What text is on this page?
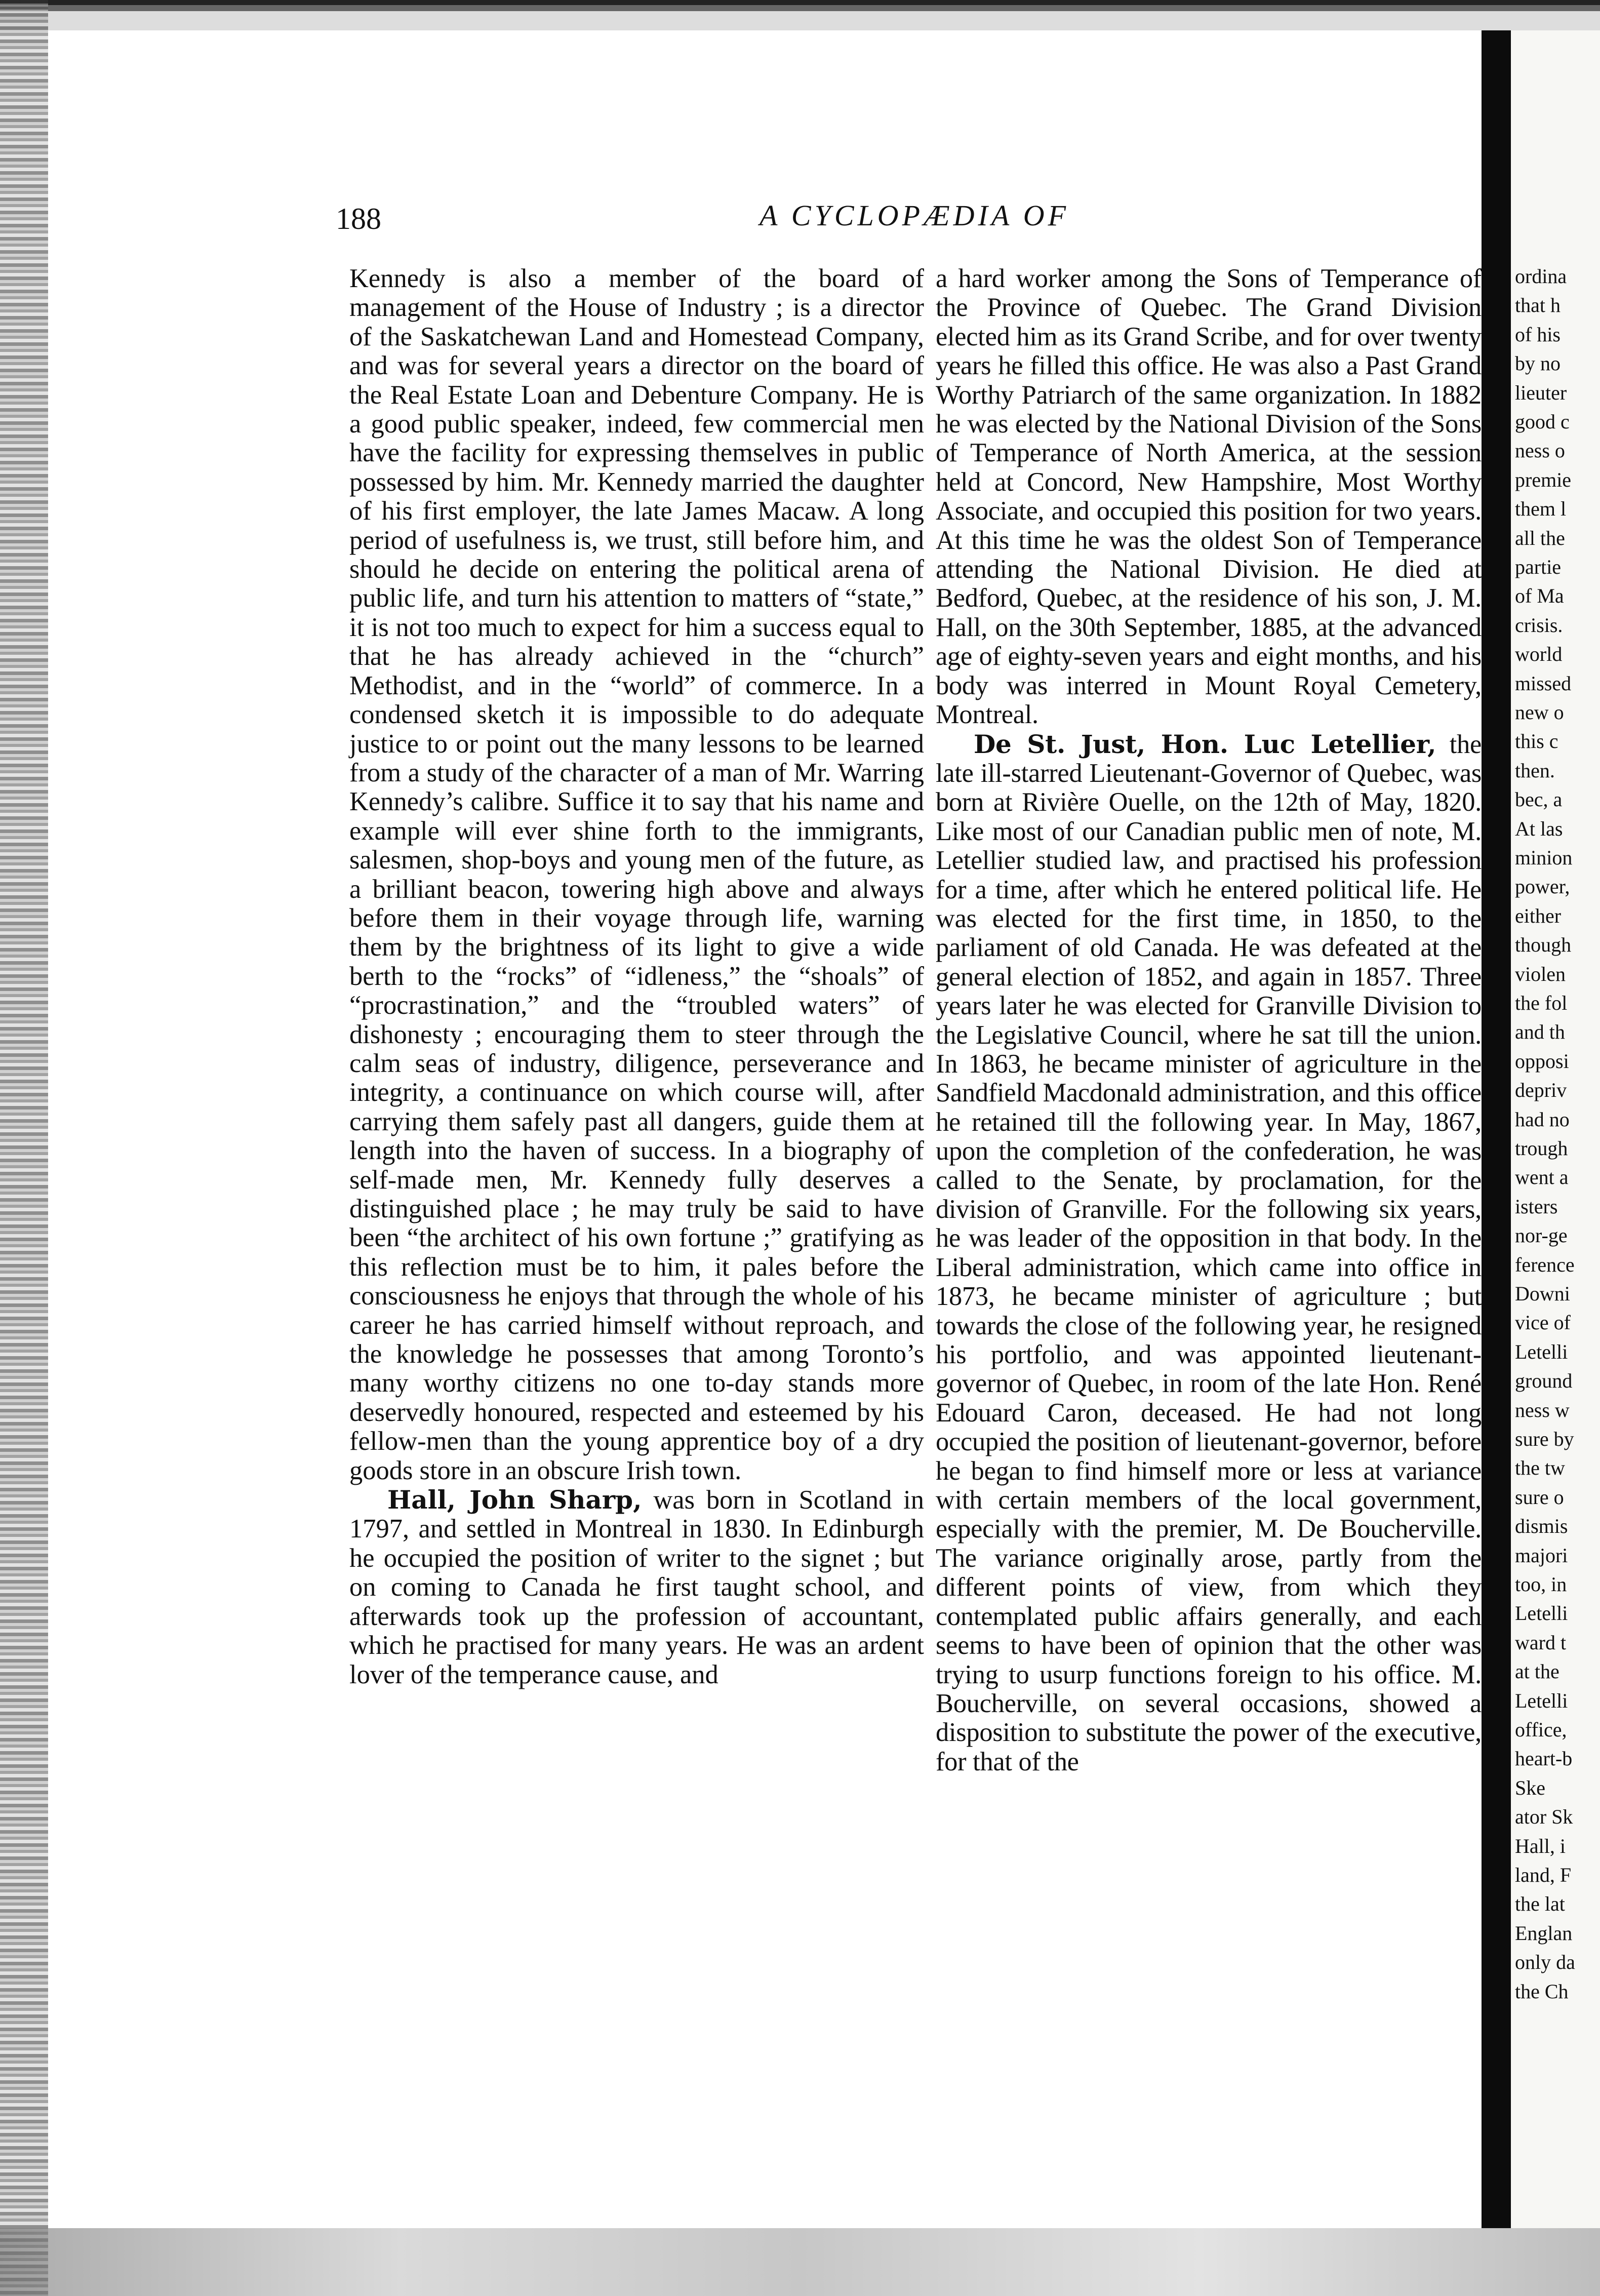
ordina
that h
of his
by no
lieuter
good c
ness o
premie
them l
all the
partie
of Ma
crisis.
world
missed
new o
this c
then.
bec, a
At las
minion
power,
either
though
violen
the fol
and th
opposi
depriv
had no
trough
went a
isters
nor-ge
ference
Downi
vice of
Letelli
ground
ness w
sure by
the tw
sure o
dismis
majori
too, in
Letelli
ward t
at the
Letelli
office,
heart-b
Ske
ator Sk
Hall, i
land, F
the lat
Englan
only da
the Ch
188	A CYCLOPÆDIA OF

Kennedy is also a member of the board of management of the House of Industry ; is a director of the Saskatchewan Land and Homestead Company, and was for several years a director on the board of the Real Estate Loan and Debenture Company. He is a good public speaker, indeed, few commercial men have the facility for expressing themselves in public possessed by him. Mr. Kennedy married the daughter of his first employer, the late James Macaw. A long period of usefulness is, we trust, still before him, and should he decide on entering the political arena of public life, and turn his attention to matters of “state,” it is not too much to expect for him a success equal to that he has already achieved in the “church” Methodist, and in the “world” of commerce. In a condensed sketch it is impossible to do adequate justice to or point out the many lessons to be learned from a study of the character of a man of Mr. Warring Kennedy’s calibre. Suffice it to say that his name and example will ever shine forth to the immigrants, salesmen, shop-boys and young men of the future, as a brilliant beacon, towering high above and always before them in their voyage through life, warning them by the brightness of its light to give a wide berth to the “rocks” of “idleness,” the “shoals” of “procrastination,” and the “troubled waters” of dishonesty ; encouraging them to steer through the calm seas of industry, diligence, perseverance and integrity, a continuance on which course will, after carrying them safely past all dangers, guide them at length into the haven of success. In a biography of self-made men, Mr. Kennedy fully deserves a distinguished place ; he may truly be said to have been “the architect of his own fortune ;” gratifying as this reflection must be to him, it pales before the consciousness he enjoys that through the whole of his career he has carried himself without reproach, and the knowledge he possesses that among Toronto’s many worthy citizens no one to-day stands more deservedly honoured, respected and esteemed by his fellow-men than the young apprentice boy of a dry goods store in an obscure Irish town.

Hall, John Sharp, was born in Scotland in 1797, and settled in Montreal in 1830. In Edinburgh he occupied the position of writer to the signet ; but on coming to Canada he first taught school, and afterwards took up the profession of accountant, which he practised for many years. He was an ardent lover of the temperance cause, and

a hard worker among the Sons of Temperance of the Province of Quebec. The Grand Division elected him as its Grand Scribe, and for over twenty years he filled this office. He was also a Past Grand Worthy Patriarch of the same organization. In 1882 he was elected by the National Division of the Sons of Temperance of North America, at the session held at Concord, New Hampshire, Most Worthy Associate, and occupied this position for two years. At this time he was the oldest Son of Temperance attending the National Division. He died at Bedford, Quebec, at the residence of his son, J. M. Hall, on the 30th September, 1885, at the advanced age of eighty-seven years and eight months, and his body was interred in Mount Royal Cemetery, Montreal.

De St. Just, Hon. Luc Letellier, the late ill-starred Lieutenant-Governor of Quebec, was born at Rivière Ouelle, on the 12th of May, 1820. Like most of our Canadian public men of note, M. Letellier studied law, and practised his profession for a time, after which he entered political life. He was elected for the first time, in 1850, to the parliament of old Canada. He was defeated at the general election of 1852, and again in 1857. Three years later he was elected for Granville Division to the Legislative Council, where he sat till the union. In 1863, he became minister of agriculture in the Sandfield Macdonald administration, and this office he retained till the following year. In May, 1867, upon the completion of the confederation, he was called to the Senate, by proclamation, for the division of Granville. For the following six years, he was leader of the opposition in that body. In the Liberal administration, which came into office in 1873, he became minister of agriculture ; but towards the close of the following year, he resigned his portfolio, and was appointed lieutenant-governor of Quebec, in room of the late Hon. René Edouard Caron, deceased. He had not long occupied the position of lieutenant-governor, before he began to find himself more or less at variance with certain members of the local government, especially with the premier, M. De Boucherville. The variance originally arose, partly from the different points of view, from which they contemplated public affairs generally, and each seems to have been of opinion that the other was trying to usurp functions foreign to his office. M. Boucherville, on several occasions, showed a disposition to substitute the power of the executive, for that of the
